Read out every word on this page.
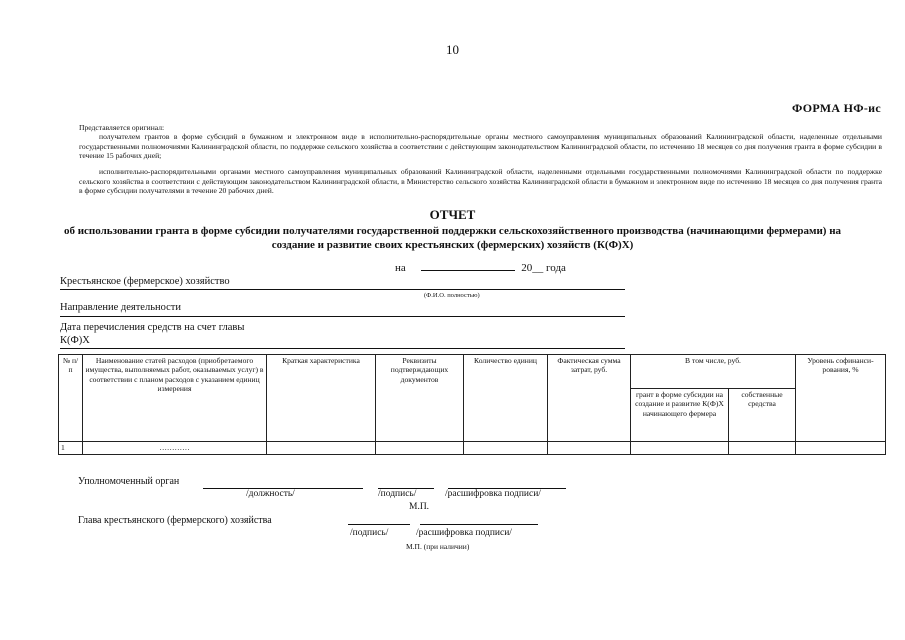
10
ФОРМА НФ-ис
Представляется оригинал:
получателем грантов в форме субсидий в бумажном и электронном виде в исполнительно-распорядительные органы местного самоуправления муниципальных образований Калининградской области, наделенные отдельными государственными полномочиями Калининградской области, по поддержке сельского хозяйства в соответствии с действующим законодательством Калининградской области, по истечению 18 месяцев со дня получения гранта в форме субсидии в течение 15 рабочих дней;
исполнительно-распорядительными органами местного самоуправления муниципальных образований Калининградской области, наделенными отдельными государственными полномочиями Калининградской области по поддержке сельского хозяйства в соответствии с действующим законодательством Калининградской области, в Министерство сельского хозяйства Калининградской области в бумажном и электронном виде по истечению 18 месяцев со дня получения гранта в форме субсидии получателями в течение 20 рабочих дней.
ОТЧЕТ
об использовании гранта в форме субсидии получателями государственной поддержки сельскохозяйственного производства (начинающими фермерами) на создание и развитие своих крестьянских (фермерских) хозяйств (К(Ф)Х)
на	20__ года
Крестьянское (фермерское) хозяйство
(Ф.И.О. полностью)
Направление деятельности
Дата перечисления средств на счет главы
К(Ф)Х
№ п/п	Наименование статей расходов (приобретаемого имущества, выполняемых работ, оказываемых услуг) в соответствии с планом расходов с указанием единиц измерения	Краткая характеристика	Реквизиты подтверждающих документов	Количество единиц	Фактическая сумма затрат, руб.	В том числе, руб.		Уровень софинанси-рования, %
						грант в форме субсидии на создание и развитие К(Ф)Х начинающего фермера	собственные средства	
1	…………							
Уполномоченный орган
/должность/	/подпись/	/расшифровка подписи/
М.П.
Глава крестьянского (фермерского) хозяйства
/подпись/	/расшифровка подписи/
М.П. (при наличии)
